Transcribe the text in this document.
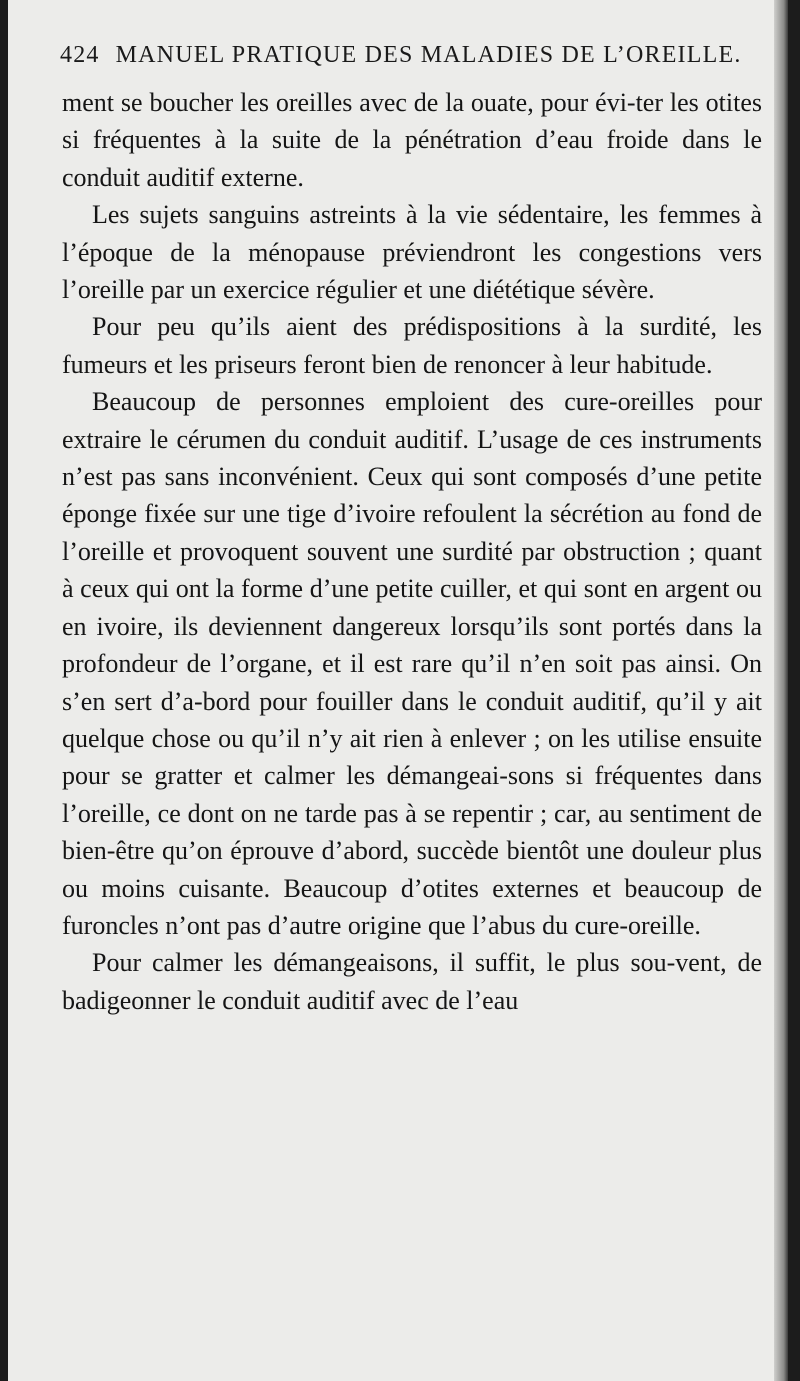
424 MANUEL PRATIQUE DES MALADIES DE L’OREILLE.

ment se boucher les oreilles avec de la ouate, pour évi-ter les otites si fréquentes à la suite de la pénétration d’eau froide dans le conduit auditif externe.

Les sujets sanguins astreints à la vie sédentaire, les femmes à l’époque de la ménopause préviendront les congestions vers l’oreille par un exercice régulier et une diététique sévère.

Pour peu qu’ils aient des prédispositions à la surdité, les fumeurs et les priseurs feront bien de renoncer à leur habitude.

Beaucoup de personnes emploient des cure-oreilles pour extraire le cérumen du conduit auditif. L’usage de ces instruments n’est pas sans inconvénient. Ceux qui sont composés d’une petite éponge fixée sur une tige d’ivoire refoulent la sécrétion au fond de l’oreille et provoquent souvent une surdité par obstruction ; quant à ceux qui ont la forme d’une petite cuiller, et qui sont en argent ou en ivoire, ils deviennent dangereux lorsqu’ils sont portés dans la profondeur de l’organe, et il est rare qu’il n’en soit pas ainsi. On s’en sert d’a-bord pour fouiller dans le conduit auditif, qu’il y ait quelque chose ou qu’il n’y ait rien à enlever ; on les utilise ensuite pour se gratter et calmer les démangeai-sons si fréquentes dans l’oreille, ce dont on ne tarde pas à se repentir ; car, au sentiment de bien-être qu’on éprouve d’abord, succède bientôt une douleur plus ou moins cuisante. Beaucoup d’otites externes et beaucoup de furoncles n’ont pas d’autre origine que l’abus du cure-oreille.

Pour calmer les démangeaisons, il suffit, le plus sou-vent, de badigeonner le conduit auditif avec de l’eau
